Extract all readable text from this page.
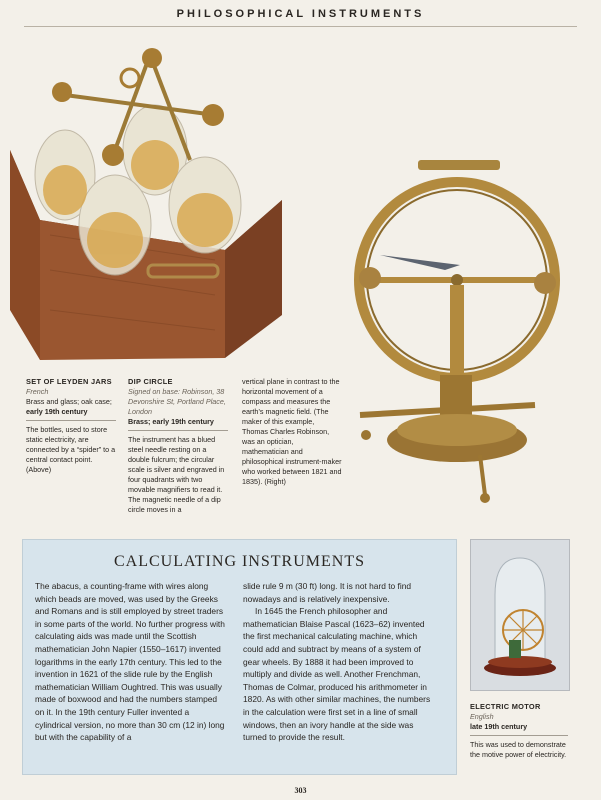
PHILOSOPHICAL INSTRUMENTS
SET OF LEYDEN JARS
French
Brass and glass; oak case;
early 19th century
The bottles, used to store static electricity, are connected by a “spider” to a central contact point. (Above)
DIP CIRCLE
Signed on base: Robinson, 38 Devonshire St, Portland Place, London
Brass; early 19th century
The instrument has a blued steel needle resting on a double fulcrum; the circular scale is silver and engraved in four quadrants with two movable magnifiers to read it. The magnetic needle of a dip circle moves in a
vertical plane in contrast to the horizontal movement of a compass and measures the earth’s magnetic field. (The maker of this example, Thomas Charles Robinson, was an optician, mathematician and philosophical instrument-maker who worked between 1821 and 1835). (Right)
CALCULATING INSTRUMENTS

The abacus, a counting-frame with wires along which beads are moved, was used by the Greeks and Romans and is still employed by street traders in some parts of the world. No further progress with calculating aids was made until the Scottish mathematician John Napier (1550–1617) invented logarithms in the early 17th century. This led to the invention in 1621 of the slide rule by the English mathematician William Oughtred. This was usually made of boxwood and had the numbers stamped on it. In the 19th century Fuller invented a cylindrical version, no more than 30 cm (12 in) long but with the capability of a

slide rule 9 m (30 ft) long. It is not hard to find nowadays and is relatively inexpensive.

In 1645 the French philosopher and mathematician Blaise Pascal (1623–62) invented the first mechanical calculating machine, which could add and subtract by means of a system of gear wheels. By 1888 it had been improved to multiply and divide as well. Another Frenchman, Thomas de Colmar, produced his arithmometer in 1820. As with other similar machines, the numbers in the calculation were first set in a line of small windows, then an ivory handle at the side was turned to provide the result.

ELECTRIC MOTOR
English
late 19th century
This was used to demonstrate the motive power of electricity.
303
